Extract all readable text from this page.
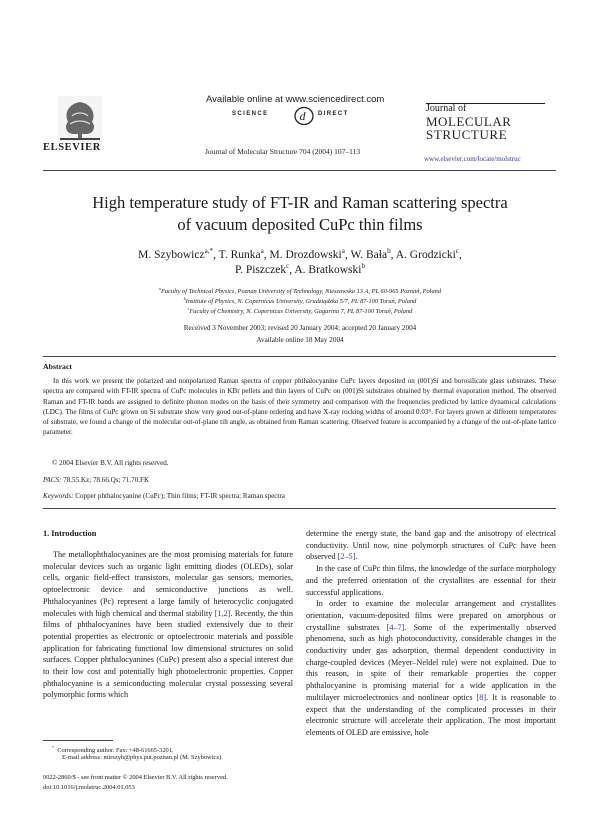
ELSEVIER
Available online at www.sciencedirect.com
d
SCIENCE	DIRECT
Journal of Molecular Structure 704 (2004) 107–113
Journal of
MOLECULAR
STRUCTURE
www.elsevier.com/locate/molstruc
High temperature study of FT-IR and Raman scattering spectra
of vacuum deposited CuPc thin films
M. Szybowicz$^{a,*}$, T. Runka$^a$, M. Drozdowski$^a$, W. Bała$^b$, A. Grodzicki$^c$,
P. Piszczek$^c$, A. Bratkowski$^b$
$^a$Faculty of Technical Physics, Poznan University of Technology, Nieszawska 13 A, PL 60-965 Poznań, Poland
$^b$Institute of Physics, N. Copernicus University, Grudziądzka 5/7, PL 87-100 Toruń, Poland
$^c$Faculty of Chemistry, N. Copernicus University, Gagarina 7, PL 87-100 Toruń, Poland
Received 3 November 2003; revised 20 January 2004; accepted 20 January 2004
Available online 18 May 2004
Abstract
In this work we present the polarized and nonpolarized Raman spectra of copper phthalocyanine CuPc layers deposited on (001)Si and borosilicate glass substrates. These spectra are compared with FT-IR spectra of CuPc molecules in KBr pellets and thin layers of CuPc on (001)Si substrates obtained by thermal evaporation method. The observed Raman and FT-IR bands are assigned to definite phonon modes on the basis of their symmetry and comparison with the frequencies predicted by lattice dynamical calculations (LDC). The films of CuPc grown on Si substrate show very good out-of-plane ordering and have X-ray rocking widths of around 0.03°. For layers grown at different temperatures of substrate, we found a change of the molecular out-of-plane tilt angle, as obtained from Raman scattering. Observed feature is accompanied by a change of the out-of-plane lattice parameter.
© 2004 Elsevier B.V. All rights reserved.
PACS: 78.55.Kz; 78.66.Qs; 71.70.FK
Keywords: Copper phthalocyanine (CuPc); Thin films; FT-IR spectra; Raman spectra
1. Introduction
The metallophthalocyanines are the most promising materials for future molecular devices such as organic light emitting diodes (OLEDs), solar cells, organic field-effect transistors, molecular gas sensors, memories, optoelectronic device and semiconductive junctions as well. Phthalocyanines (Pc) represent a large family of heterocyclic conjugated molecules with high chemical and thermal stability [1,2]. Recently, the thin films of phthalocyanines have been studied extensively due to their potential properties as electronic or optoelectronic materials and possible application for fabricating functional low dimensional structures on solid surfaces. Copper phthalocyanines (CuPc) present also a special interest due to their low cost and potentially high photoelectronic properties. Copper phthalocyanine is a semiconducting molecular crystal possessing several polymorphic forms which

determine the energy state, the band gap and the anisotropy of electrical conductivity. Until now, nine polymorph structures of CuPc have been observed [2–5].

In the case of CuPc thin films, the knowledge of the surface morphology and the preferred orientation of the crystallites are essential for their successful applications.

In order to examine the molecular arrangement and crystallites orientation, vacuum-deposited films were prepared on amorphous or crystalline substrates [4–7]. Some of the experimentally observed phenomena, such as high photoconductivity, considerable changes in the conductivity under gas adsorption, thermal dependent conductivity in charge-coupled devices (Meyer–Neldel rule) were not explained. Due to this reason, in spite of their remarkable properties the copper phthalocyanine is promising material for a wide application in the multilayer microelectronics and nonlinear optics [8]. It is reasonable to expect that the understanding of the complicated processes in their electronic structure will accelerate their application. The most important elements of OLED are emissive, hole

* Corresponding author. Fax: +48-61665-3201.
E-mail address: mirszyb@phys.put.poznan.pl (M. Szybowicz).
0022-2860/$ - see front matter © 2004 Elsevier B.V. All rights reserved.
doi:10.1016/j.molstruc.2004.01.053
